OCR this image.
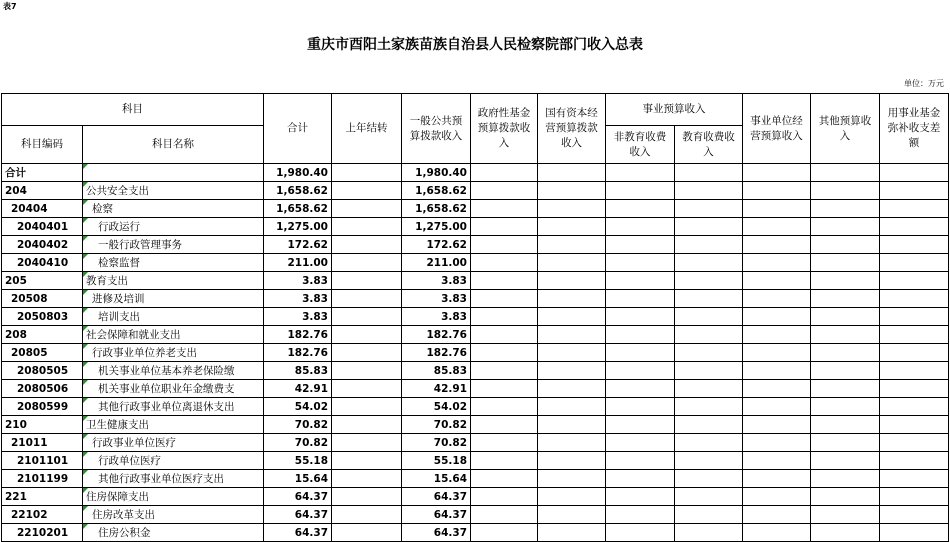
表7
重庆市酉阳土家族苗族自治县人民检察院部门收入总表
单位：万元
科目		合计	上年结转	一般公共预算拨款收入	政府性基金预算拨款收入	国有资本经营预算拨款收入	事业预算收入		事业单位经营预算收入	其他预算收入	用事业基金弥补收支差额
科目编码	科目名称						非教育收费收入	教育收费收入			
合计		1,980.40		1,980.40							
204	公共安全支出	1,658.62		1,658.62							
20404	检察	1,658.62		1,658.62							
2040401	行政运行	1,275.00		1,275.00							
2040402	一般行政管理事务	172.62		172.62							
2040410	检察监督	211.00		211.00							
205	教育支出	3.83		3.83							
20508	进修及培训	3.83		3.83							
2050803	培训支出	3.83		3.83							
208	社会保障和就业支出	182.76		182.76							
20805	行政事业单位养老支出	182.76		182.76							
2080505	机关事业单位基本养老保险缴	85.83		85.83							
2080506	机关事业单位职业年金缴费支	42.91		42.91							
2080599	其他行政事业单位离退休支出	54.02		54.02							
210	卫生健康支出	70.82		70.82							
21011	行政事业单位医疗	70.82		70.82							
2101101	行政单位医疗	55.18		55.18							
2101199	其他行政事业单位医疗支出	15.64		15.64							
221	住房保障支出	64.37		64.37							
22102	住房改革支出	64.37		64.37							
2210201	住房公积金	64.37		64.37							
